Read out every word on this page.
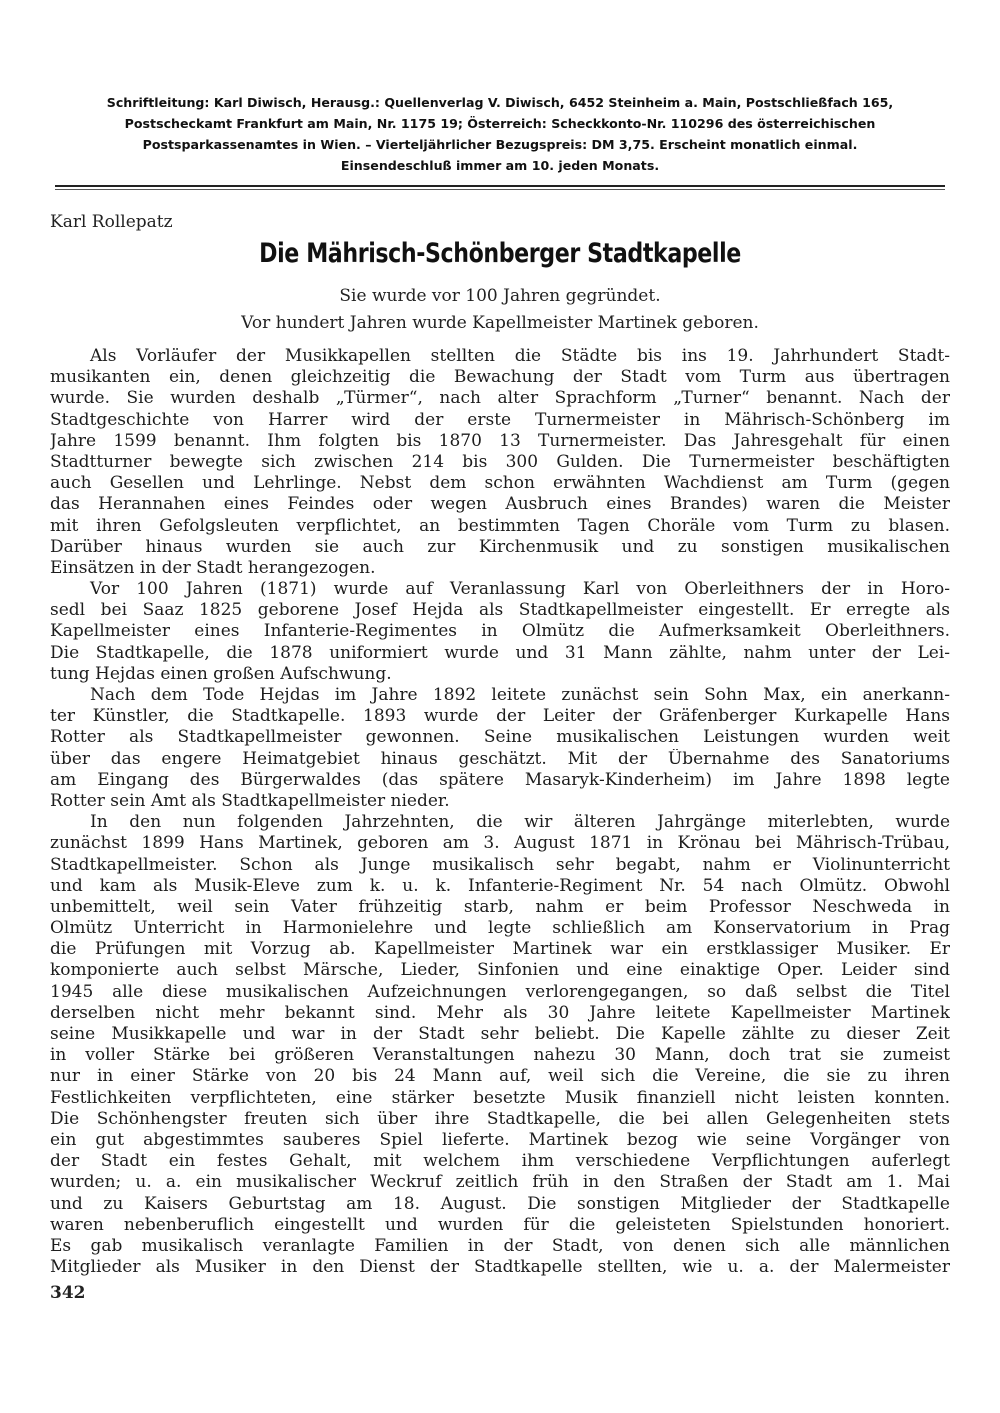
Schriftleitung: Karl Diwisch, Herausg.: Quellenverlag V. Diwisch, 6452 Steinheim a. Main, Postschließfach 165,
Postscheckamt Frankfurt am Main, Nr. 1175 19; Österreich: Scheckkonto-Nr. 110296 des österreichischen
Postsparkassenamtes in Wien. – Vierteljährlicher Bezugspreis: DM 3,75. Erscheint monatlich einmal.
Einsendeschluß immer am 10. jeden Monats.
Karl Rollepatz
Die Mährisch-Schönberger Stadtkapelle
Sie wurde vor 100 Jahren gegründet.
Vor hundert Jahren wurde Kapellmeister Martinek geboren.
Als Vorläufer der Musikkapellen stellten die Städte bis ins 19. Jahrhundert Stadt-
musikanten ein, denen gleichzeitig die Bewachung der Stadt vom Turm aus übertragen
wurde. Sie wurden deshalb „Türmer“, nach alter Sprachform „Turner“ benannt. Nach der
Stadtgeschichte von Harrer wird der erste Turnermeister in Mährisch-Schönberg im
Jahre 1599 benannt. Ihm folgten bis 1870 13 Turnermeister. Das Jahresgehalt für einen
Stadtturner bewegte sich zwischen 214 bis 300 Gulden. Die Turnermeister beschäftigten
auch Gesellen und Lehrlinge. Nebst dem schon erwähnten Wachdienst am Turm (gegen
das Herannahen eines Feindes oder wegen Ausbruch eines Brandes) waren die Meister
mit ihren Gefolgsleuten verpflichtet, an bestimmten Tagen Choräle vom Turm zu blasen.
Darüber hinaus wurden sie auch zur Kirchenmusik und zu sonstigen musikalischen
Einsätzen in der Stadt herangezogen.
Vor 100 Jahren (1871) wurde auf Veranlassung Karl von Oberleithners der in Horo-
sedl bei Saaz 1825 geborene Josef Hejda als Stadtkapellmeister eingestellt. Er erregte als
Kapellmeister eines Infanterie-Regimentes in Olmütz die Aufmerksamkeit Oberleithners.
Die Stadtkapelle, die 1878 uniformiert wurde und 31 Mann zählte, nahm unter der Lei-
tung Hejdas einen großen Aufschwung.
Nach dem Tode Hejdas im Jahre 1892 leitete zunächst sein Sohn Max, ein anerkann-
ter Künstler, die Stadtkapelle. 1893 wurde der Leiter der Gräfenberger Kurkapelle Hans
Rotter als Stadtkapellmeister gewonnen. Seine musikalischen Leistungen wurden weit
über das engere Heimatgebiet hinaus geschätzt. Mit der Übernahme des Sanatoriums
am Eingang des Bürgerwaldes (das spätere Masaryk-Kinderheim) im Jahre 1898 legte
Rotter sein Amt als Stadtkapellmeister nieder.
In den nun folgenden Jahrzehnten, die wir älteren Jahrgänge miterlebten, wurde
zunächst 1899 Hans Martinek, geboren am 3. August 1871 in Krönau bei Mährisch-Trübau,
Stadtkapellmeister. Schon als Junge musikalisch sehr begabt, nahm er Violinunterricht
und kam als Musik-Eleve zum k. u. k. Infanterie-Regiment Nr. 54 nach Olmütz. Obwohl
unbemittelt, weil sein Vater frühzeitig starb, nahm er beim Professor Neschweda in
Olmütz Unterricht in Harmonielehre und legte schließlich am Konservatorium in Prag
die Prüfungen mit Vorzug ab. Kapellmeister Martinek war ein erstklassiger Musiker. Er
komponierte auch selbst Märsche, Lieder, Sinfonien und eine einaktige Oper. Leider sind
1945 alle diese musikalischen Aufzeichnungen verlorengegangen, so daß selbst die Titel
derselben nicht mehr bekannt sind. Mehr als 30 Jahre leitete Kapellmeister Martinek
seine Musikkapelle und war in der Stadt sehr beliebt. Die Kapelle zählte zu dieser Zeit
in voller Stärke bei größeren Veranstaltungen nahezu 30 Mann, doch trat sie zumeist
nur in einer Stärke von 20 bis 24 Mann auf, weil sich die Vereine, die sie zu ihren
Festlichkeiten verpflichteten, eine stärker besetzte Musik finanziell nicht leisten konnten.
Die Schönhengster freuten sich über ihre Stadtkapelle, die bei allen Gelegenheiten stets
ein gut abgestimmtes sauberes Spiel lieferte. Martinek bezog wie seine Vorgänger von
der Stadt ein festes Gehalt, mit welchem ihm verschiedene Verpflichtungen auferlegt
wurden; u. a. ein musikalischer Weckruf zeitlich früh in den Straßen der Stadt am 1. Mai
und zu Kaisers Geburtstag am 18. August. Die sonstigen Mitglieder der Stadtkapelle
waren nebenberuflich eingestellt und wurden für die geleisteten Spielstunden honoriert.
Es gab musikalisch veranlagte Familien in der Stadt, von denen sich alle männlichen
Mitglieder als Musiker in den Dienst der Stadtkapelle stellten, wie u. a. der Malermeister
342
